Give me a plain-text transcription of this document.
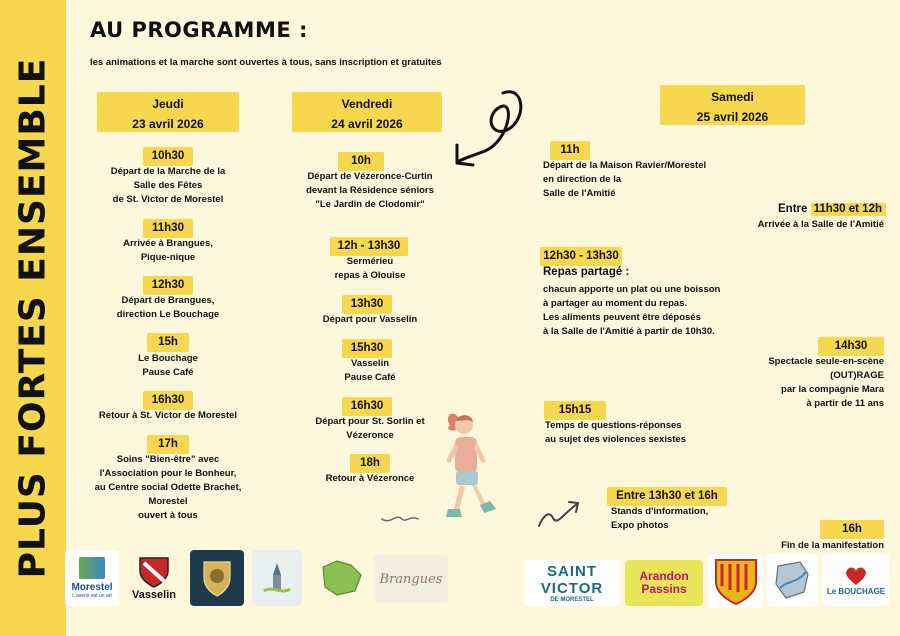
PLUS FORTES ENSEMBLE
AU PROGRAMME :
les animations et la marche sont ouvertes à tous, sans inscription et gratuites
Jeudi
23 avril 2026
Vendredi
24 avril 2026
Samedi
25 avril 2026
10h30
Départ de la Marche de la
Salle des Fêtes
de St. Victor de Morestel
11h30
Arrivée à Brangues,
Pique-nique
12h30
Départ de Brangues,
direction Le Bouchage
15h
Le Bouchage
Pause Café
16h30
Retour à St. Victor de Morestel
17h
Soins "Bien-être" avec
l'Association pour le Bonheur,
au Centre social Odette Brachet,
Morestel
ouvert à tous
10h
Départ de Vézeronce-Curtin
devant la Résidence séniors
"Le Jardin de Clodomir"
12h - 13h30
Sermérieu
repas à Olouise
13h30
Départ pour Vasselin
15h30
Vasselin
Pause Café
16h30
Départ pour St. Sorlin et
Vézeronce
18h
Retour à Vézeronce
11h
Départ de la Maison Ravier/Morestel
en direction de la
Salle de l'Amitié
Entre 11h30 et 12h
Arrivée à la Salle de l'Amitié
12h30 - 13h30
Repas partagé :
chacun apporte un plat ou une boisson
à partager au moment du repas.
Les aliments peuvent être déposés
à la Salle de l'Amitié à partir de 10h30.
14h30
Spectacle seule-en-scène
(OUT)RAGE
par la compagnie Mara
à partir de 11 ans
15h15
Temps de questions-réponses
au sujet des violences sexistes
Entre 13h30 et 16h
Stands d'information,
Expo photos	16h
Fin de la manifestation
Morestel
L'avenir est un art Vasselin
Brangues	SAINT VICTOR
DE MORESTEL
Arandon Passins	Le BOUCHAGE
